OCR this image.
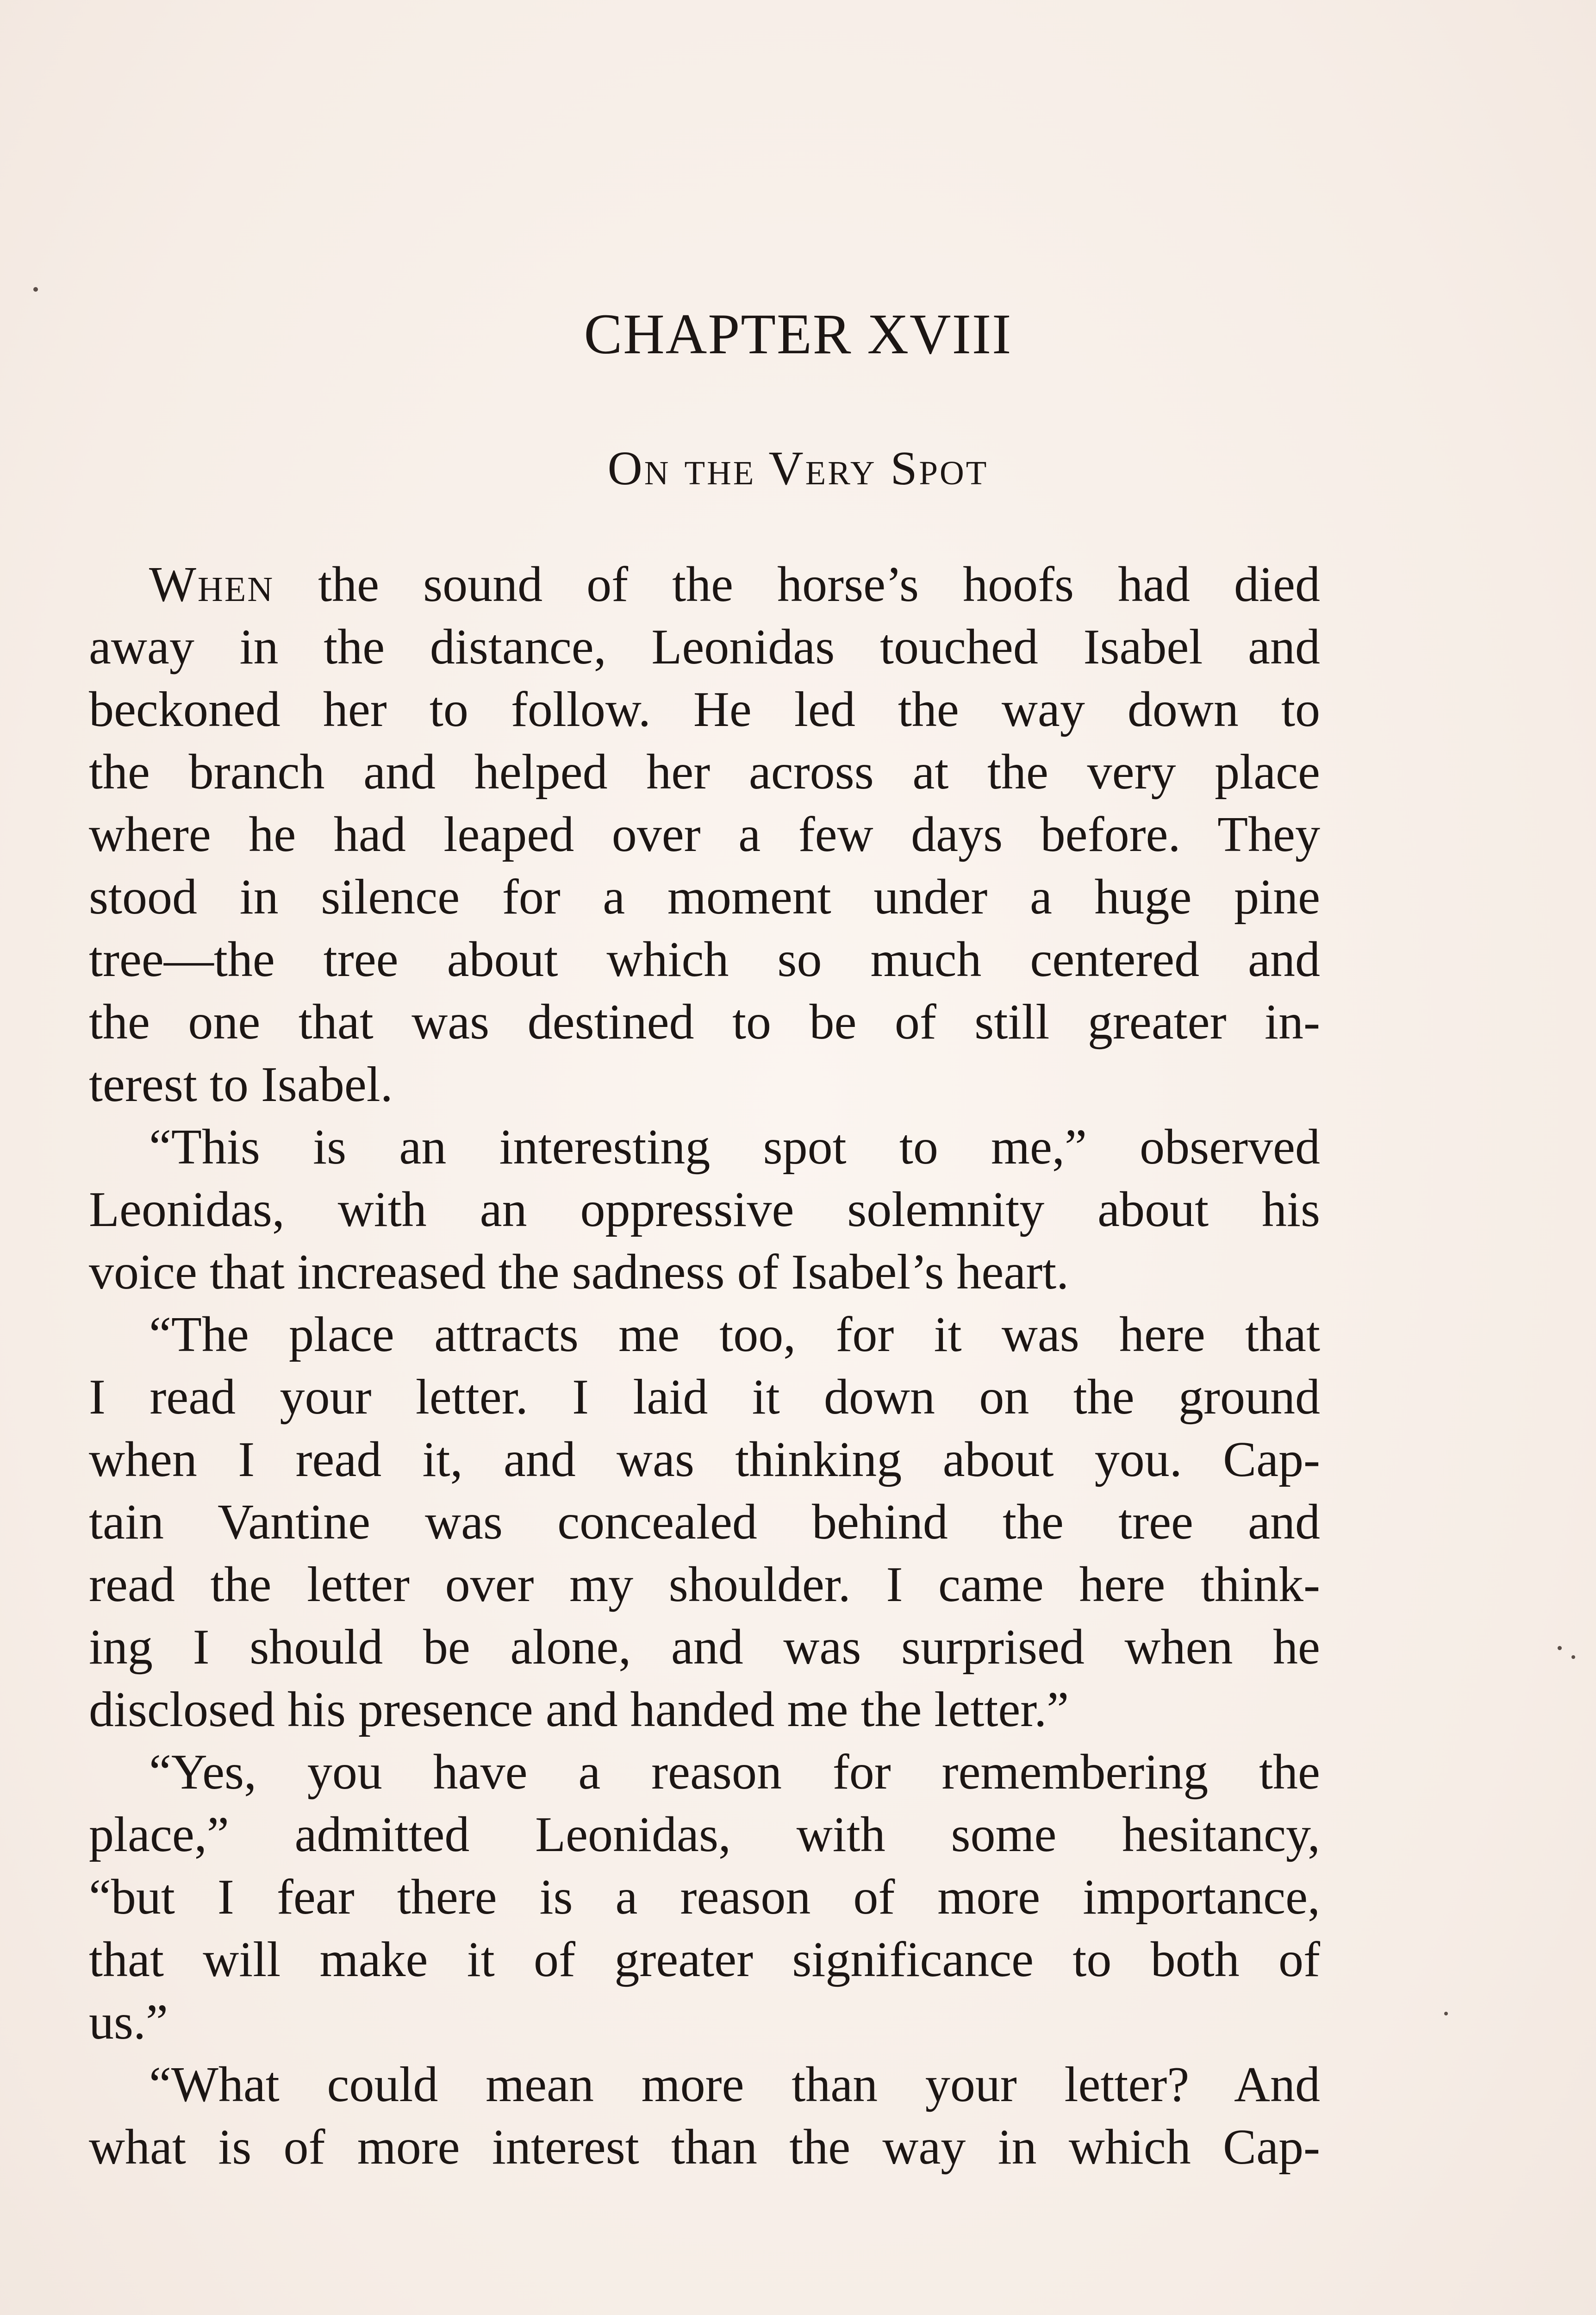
CHAPTER XVIII
On the Very Spot
When the sound of the horse’s hoofs had died
away in the distance, Leonidas touched Isabel and
beckoned her to follow. He led the way down to
the branch and helped her across at the very place
where he had leaped over a few days before. They
stood in silence for a moment under a huge pine
tree—the tree about which so much centered and
the one that was destined to be of still greater in-
terest to Isabel.
“This is an interesting spot to me,” observed
Leonidas, with an oppressive solemnity about his
voice that increased the sadness of Isabel’s heart.
“The place attracts me too, for it was here that
I read your letter. I laid it down on the ground
when I read it, and was thinking about you. Cap-
tain Vantine was concealed behind the tree and
read the letter over my shoulder. I came here think-
ing I should be alone, and was surprised when he
disclosed his presence and handed me the letter.”
“Yes, you have a reason for remembering the
place,” admitted Leonidas, with some hesitancy,
“but I fear there is a reason of more importance,
that will make it of greater significance to both of
us.”
“What could mean more than your letter? And
what is of more interest than the way in which Cap-
